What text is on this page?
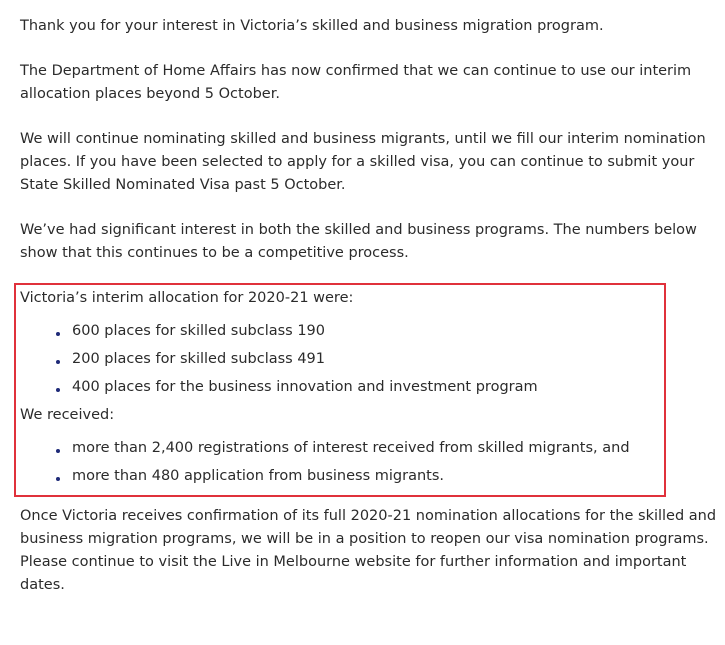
Thank you for your interest in Victoria’s skilled and business migration program.

The Department of Home Affairs has now confirmed that we can continue to use our interim allocation places beyond 5 October.

We will continue nominating skilled and business migrants, until we fill our interim nomination places. If you have been selected to apply for a skilled visa, you can continue to submit your State Skilled Nominated Visa past 5 October.

We’ve had significant interest in both the skilled and business programs. The numbers below show that this continues to be a competitive process.

Victoria’s interim allocation for 2020-21 were:

600 places for skilled subclass 190
200 places for skilled subclass 491
400 places for the business innovation and investment program

We received:

more than 2,400 registrations of interest received from skilled migrants, and
more than 480 application from business migrants.

Once Victoria receives confirmation of its full 2020-21 nomination allocations for the skilled and business migration programs, we will be in a position to reopen our visa nomination programs. Please continue to visit the Live in Melbourne website for further information and important dates.
